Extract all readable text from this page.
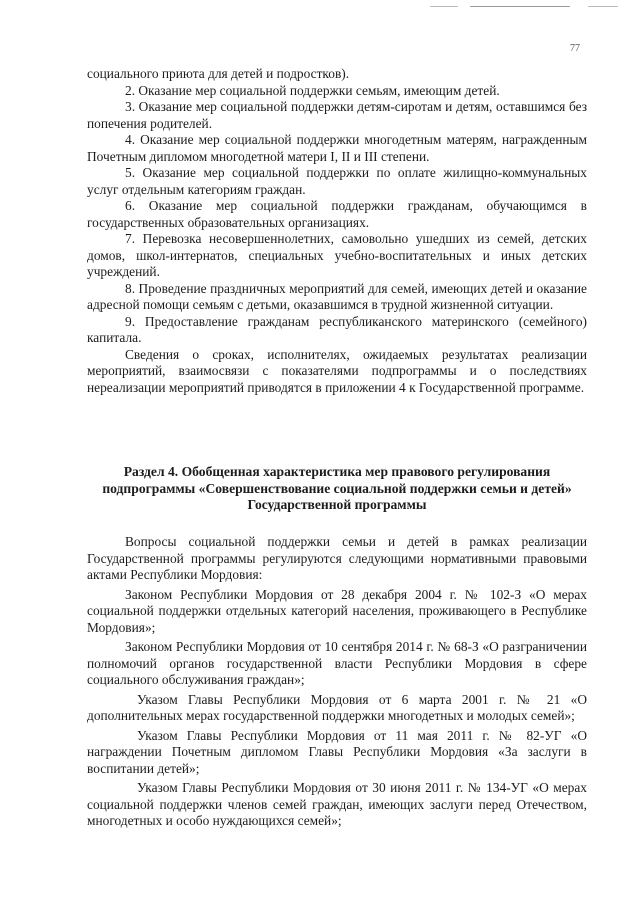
77

социального приюта для детей и подростков).

2. Оказание мер социальной поддержки семьям, имеющим детей.

3. Оказание мер социальной поддержки детям-сиротам и детям, оставшимся без попечения родителей.

4. Оказание мер социальной поддержки многодетным матерям, награжденным Почетным дипломом многодетной матери I, II и III степени.

5. Оказание мер социальной поддержки по оплате жилищно-коммунальных услуг отдельным категориям граждан.

6. Оказание мер социальной поддержки гражданам, обучающимся в государственных образовательных организациях.

7. Перевозка несовершеннолетних, самовольно ушедших из семей, детских домов, школ-интернатов, специальных учебно-воспитательных и иных детских учреждений.

8. Проведение праздничных мероприятий для семей, имеющих детей и оказание адресной помощи семьям с детьми, оказавшимся в трудной жизненной ситуации.

9. Предоставление гражданам республиканского материнского (семейного) капитала.

Сведения о сроках, исполнителях, ожидаемых результатах реализации мероприятий, взаимосвязи с показателями подпрограммы и о последствиях нереализации мероприятий приводятся в приложении 4 к Государственной программе.

Раздел 4. Обобщенная характеристика мер правового регулирования подпрограммы «Совершенствование социальной поддержки семьи и детей» Государственной программы

Вопросы социальной поддержки семьи и детей в рамках реализации Государственной программы регулируются следующими нормативными правовыми актами Республики Мордовия:

Законом Республики Мордовия от 28 декабря 2004 г. № 102-З «О мерах социальной поддержки отдельных категорий населения, проживающего в Республике Мордовия»;

Законом Республики Мордовия от 10 сентября 2014 г. № 68-З «О разграничении полномочий органов государственной власти Республики Мордовия в сфере социального обслуживания граждан»;

Указом Главы Республики Мордовия от 6 марта 2001 г. № 21 «О дополнительных мерах государственной поддержки многодетных и молодых семей»;

Указом Главы Республики Мордовия от 11 мая 2011 г. № 82-УГ «О награждении Почетным дипломом Главы Республики Мордовия «За заслуги в воспитании детей»;

Указом Главы Республики Мордовия от 30 июня 2011 г. № 134-УГ «О мерах социальной поддержки членов семей граждан, имеющих заслуги перед Отечеством, многодетных и особо нуждающихся семей»;
